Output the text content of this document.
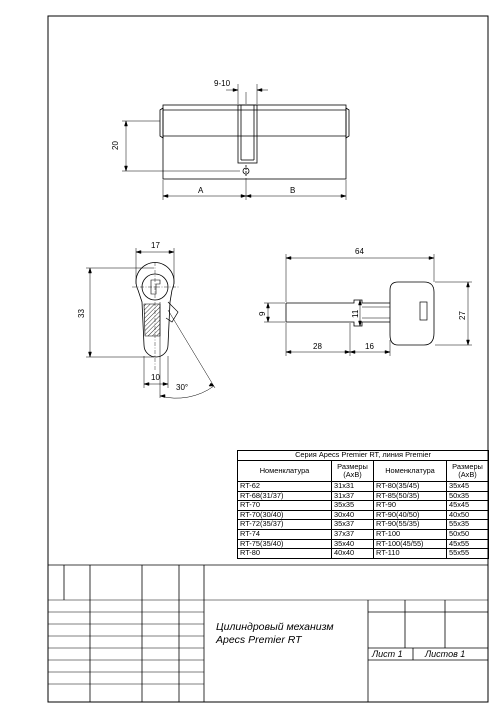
9-10
20
A	B
17
33
10
30°
64
9	11	27
28	16
Цилиндровый механизм
Apecs Premier RT
Лист 1 Листов 1
Серия Apecs Premier RT, линия Premier			
Номенклатура	Размеры (AxB)	Номенклатура	Размеры (AxB)
RT-62	31x31	RT-80(35/45)	35x45
RT-68(31/37)	31x37	RT-85(50/35)	50x35
RT-70	35x35	RT-90	45x45
RT-70(30/40)	30x40	RT-90(40/50)	40x50
RT-72(35/37)	35x37	RT-90(55/35)	55x35
RT-74	37x37	RT-100	50x50
RT-75(35/40)	35x40	RT-100(45/55)	45x55
RT-80	40x40	RT-110	55x55
